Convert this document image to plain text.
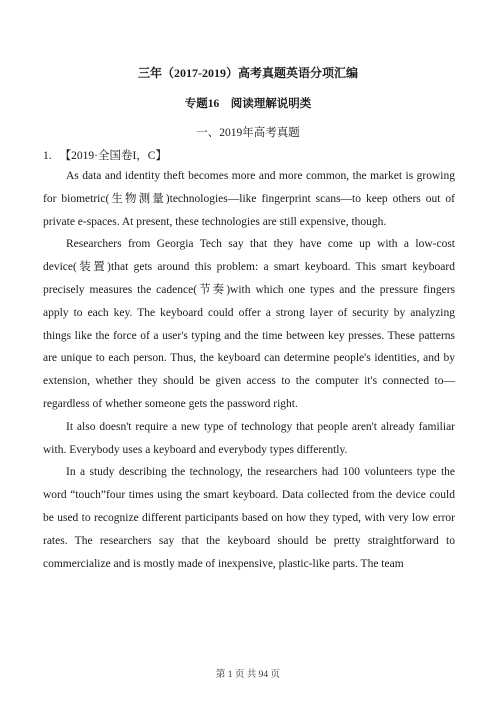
三年（2017-2019）高考真题英语分项汇编
专题16　阅读理解说明类
一、2019年高考真题
1. 【2019·全国卷I，C】

As data and identity theft becomes more and more common, the market is growing for biometric(生物测量)technologies—like fingerprint scans—to keep others out of private e-spaces. At present, these technologies are still expensive, though.

Researchers from Georgia Tech say that they have come up with a low-cost device(装置)that gets around this problem: a smart keyboard. This smart keyboard precisely measures the cadence(节奏)with which one types and the pressure fingers apply to each key. The keyboard could offer a strong layer of security by analyzing things like the force of a user's typing and the time between key presses. These patterns are unique to each person. Thus, the keyboard can determine people's identities, and by extension, whether they should be given access to the computer it's connected to—regardless of whether someone gets the password right.

It also doesn't require a new type of technology that people aren't already familiar with. Everybody uses a keyboard and everybody types differently.

In a study describing the technology, the researchers had 100 volunteers type the word “touch”four times using the smart keyboard. Data collected from the device could be used to recognize different participants based on how they typed, with very low error rates. The researchers say that the keyboard should be pretty straightforward to commercialize and is mostly made of inexpensive, plastic-like parts. The team

第 1 页 共 94 页
